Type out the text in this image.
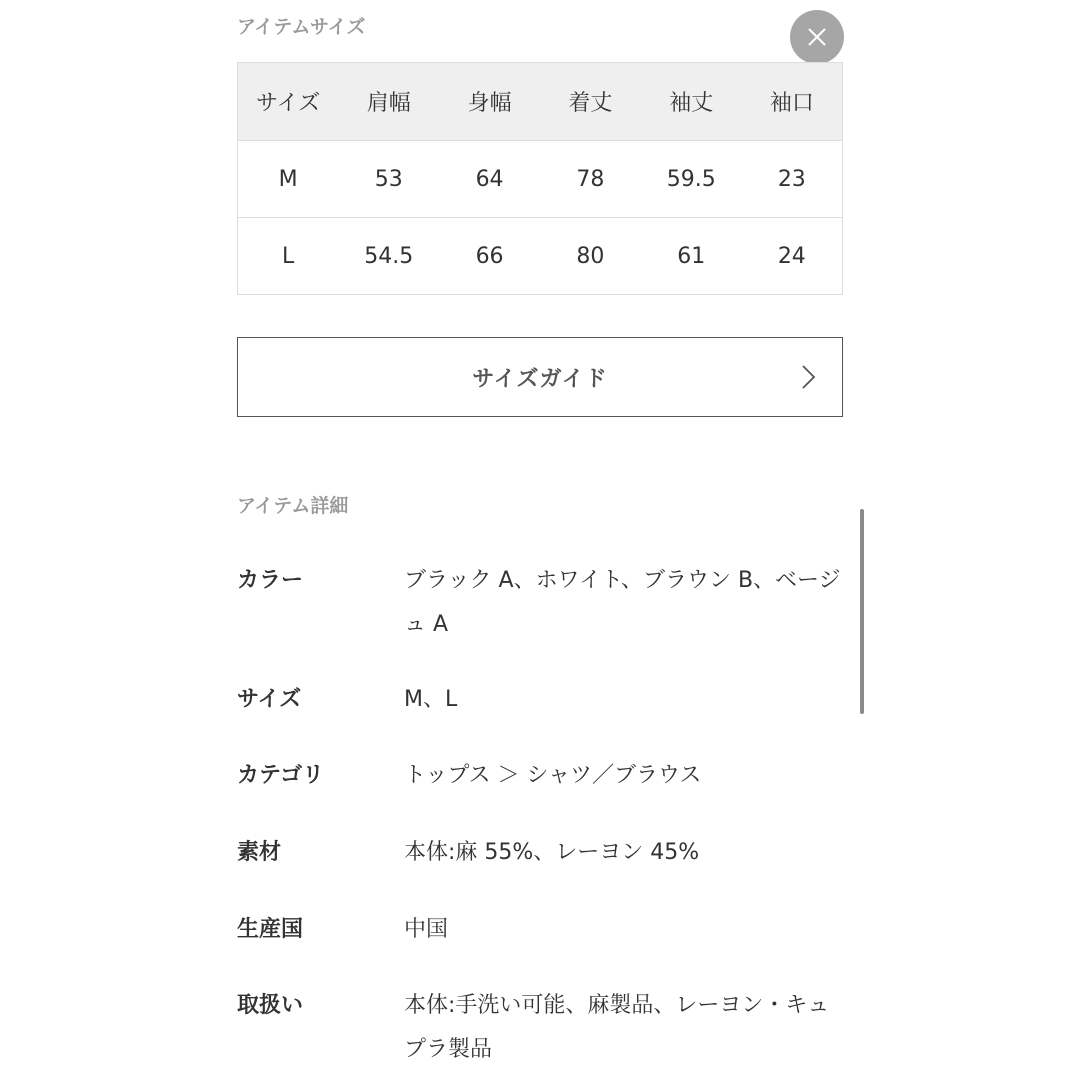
アイテムサイズ
サイズ	肩幅	身幅	着丈	袖丈	袖口
M	53	64	78	59.5	23
L	54.5	66	80	61	24
サイズガイド
アイテム詳細
カラー	ブラック A、ホワイト、ブラウン B、ベージュ A
サイズ	M、L
カテゴリ	トップス ＞ シャツ／ブラウス
素材	本体:麻 55%、レーヨン 45%
生産国	中国
取扱い	本体:手洗い可能、麻製品、レーヨン・キュプラ製品
